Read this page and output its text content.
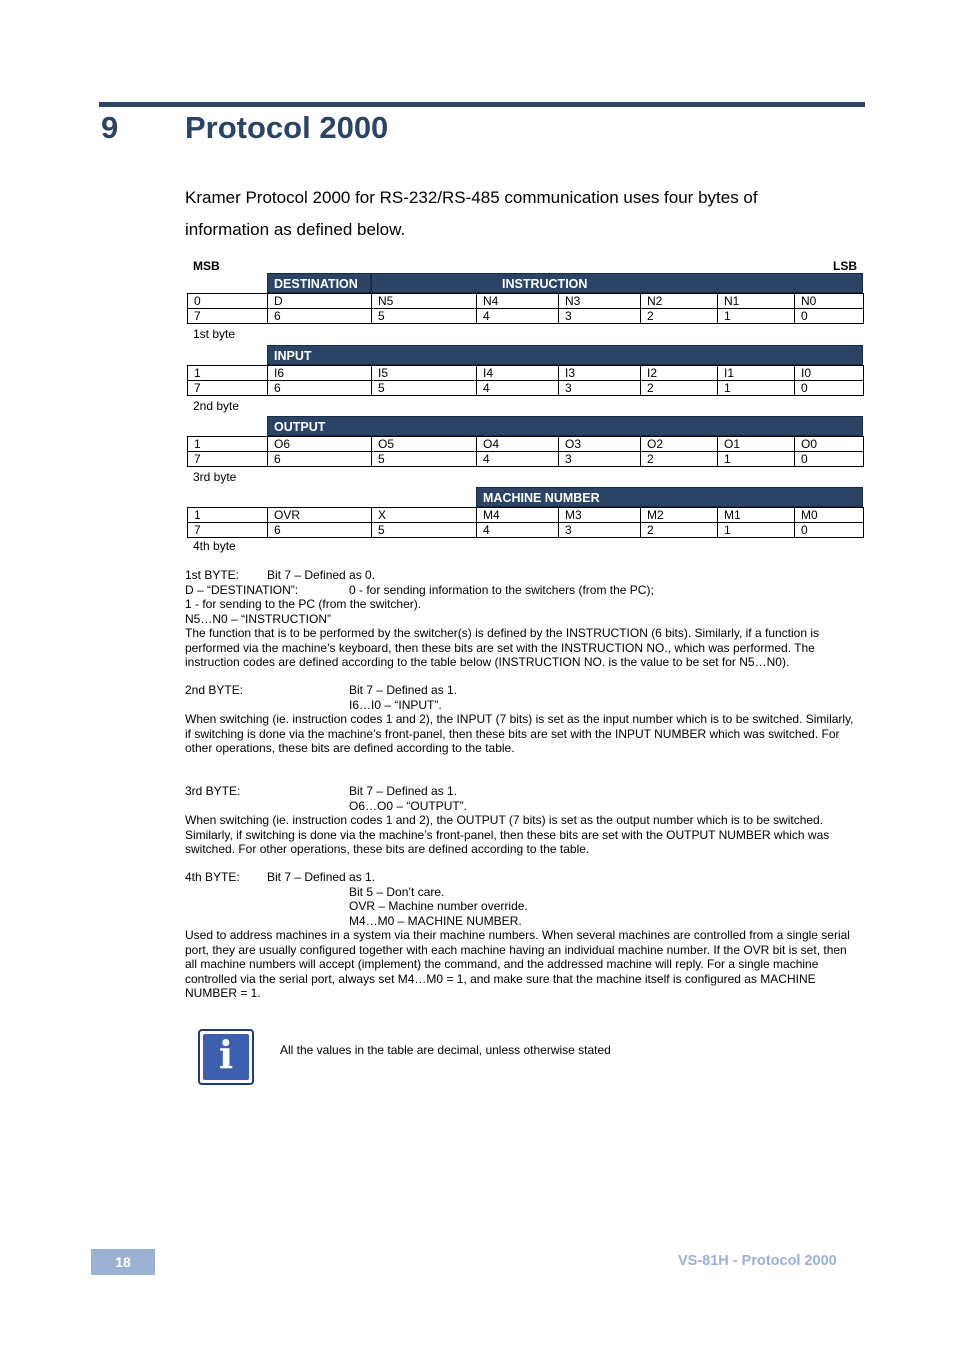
9 Protocol 2000
Kramer Protocol 2000 for RS-232/RS-485 communication uses four bytes of information as defined below.
MSB	LSB
DESTINATION	INSTRUCTION
0	D	N5	N4	N3	N2	N1	N0
7	6	5	4	3	2	1	0
1st byte
INPUT
1	I6	I5	I4	I3	I2	I1	I0
7	6	5	4	3	2	1	0
2nd byte
OUTPUT
1	O6	O5	O4	O3	O2	O1	O0
7	6	5	4	3	2	1	0
3rd byte
MACHINE NUMBER
1	OVR	X	M4	M3	M2	M1	M0
7	6	5	4	3	2	1	0
4th byte
1st BYTE: Bit 7 – Defined as 0.
D – “DESTINATION”:	0 - for sending information to the switchers (from the PC);
1 - for sending to the PC (from the switcher).
N5…N0 – “INSTRUCTION”
The function that is to be performed by the switcher(s) is defined by the INSTRUCTION (6 bits). Similarly, if a function is performed via the machine’s keyboard, then these bits are set with the INSTRUCTION NO., which was performed. The instruction codes are defined according to the table below (INSTRUCTION NO. is the value to be set for N5…N0).
2nd BYTE:	Bit 7 – Defined as 1.
I6…I0 – “INPUT”.
When switching (ie. instruction codes 1 and 2), the INPUT (7 bits) is set as the input number which is to be switched. Similarly, if switching is done via the machine’s front-panel, then these bits are set with the INPUT NUMBER which was switched. For other operations, these bits are defined according to the table.
3rd BYTE:	Bit 7 – Defined as 1.
O6…O0 – “OUTPUT”.
When switching (ie. instruction codes 1 and 2), the OUTPUT (7 bits) is set as the output number which is to be switched. Similarly, if switching is done via the machine’s front-panel, then these bits are set with the OUTPUT NUMBER which was switched. For other operations, these bits are defined according to the table.
4th BYTE: Bit 7 – Defined as 1.
Bit 5 – Don’t care.
OVR – Machine number override.
M4…M0 – MACHINE NUMBER.
Used to address machines in a system via their machine numbers. When several machines are controlled from a single serial port, they are usually configured together with each machine having an individual machine number. If the OVR bit is set, then all machine numbers will accept (implement) the command, and the addressed machine will reply. For a single machine controlled via the serial port, always set M4…M0 = 1, and make sure that the machine itself is configured as MACHINE NUMBER = 1.
i	All the values in the table are decimal, unless otherwise stated
18	VS-81H - Protocol 2000
